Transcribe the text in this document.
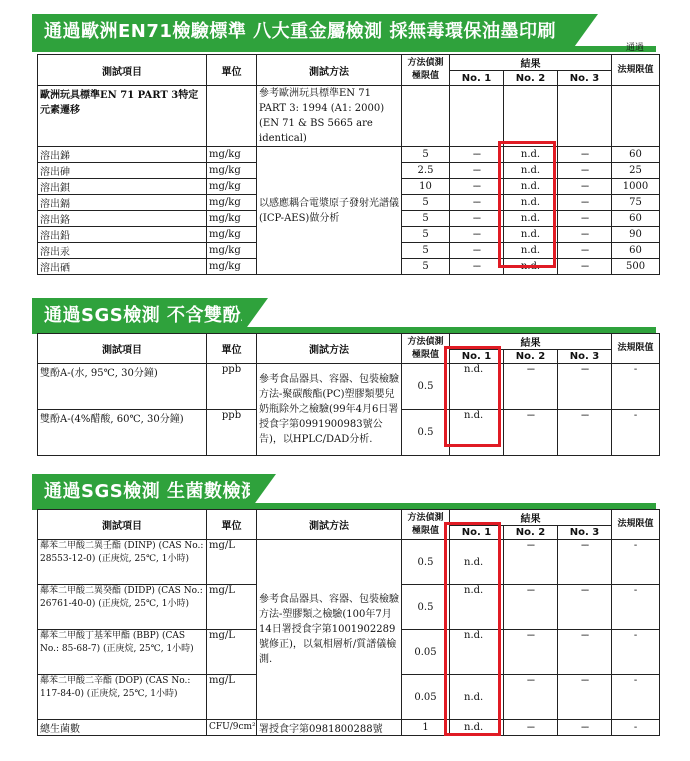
通過歐洲EN71檢驗標準 八大重金屬檢測 採無毒環保油墨印刷
通過
測試項目	單位	測試方法	方法偵測極限值	結果			法規限值
				No. 1	No. 2	No. 3	
歐洲玩具標準EN 71 PART 3特定元素遷移		參考歐洲玩具標準EN 71 PART 3: 1994 (A1: 2000) (EN 71 & BS 5665 are identical)					
溶出銻	mg/kg	以感應耦合電漿原子發射光譜儀(ICP-AES)做分析	5	---	n.d.	---	60
溶出砷	mg/kg		2.5	---	n.d.	---	25
溶出鋇	mg/kg		10	---	n.d.	---	1000
溶出鎘	mg/kg		5	---	n.d.	---	75
溶出鉻	mg/kg		5	---	n.d.	---	60
溶出鉛	mg/kg		5	---	n.d.	---	90
溶出汞	mg/kg		5	---	n.d.	---	60
溶出硒	mg/kg		5	---	n.d.	---	500
通過SGS檢測 不含雙酚A
測試項目	單位	測試方法	方法偵測極限值	結果			法規限值
				No. 1	No. 2	No. 3	
雙酚A-(水, 95℃, 30分鐘)	ppb	參考食品器具、容器、包裝檢驗方法-聚碳酸酯(PC)塑膠類嬰兒奶瓶除外之檢驗(99年4月6日署授食字第0991900983號公告)，以HPLC/DAD分析.	0.5	n.d.	---	---	-
雙酚A-(4%醋酸, 60℃, 30分鐘)	ppb		0.5	n.d.	---	---	-
通過SGS檢測 生菌數檢測
測試項目	單位	測試方法	方法偵測極限值	結果			法規限值
				No. 1	No. 2	No. 3	
鄰苯二甲酸二異壬酯 (DINP) (CAS No.: 28553-12-0) (正庚烷, 25℃, 1小時)	mg/L	參考食品器具、容器、包裝檢驗方法-塑膠類之檢驗(100年7月14日署授食字第1001902289 號修正)，以氣相層析/質譜儀檢測.	0.5	n.d.	---	---	-
鄰苯二甲酸二異癸酯 (DIDP) (CAS No.: 26761-40-0) (正庚烷, 25℃, 1小時)	mg/L		0.5	n.d.	---	---	-
鄰苯二甲酸丁基苯甲酯 (BBP) (CAS No.: 85-68-7) (正庚烷, 25℃, 1小時)	mg/L		0.05	n.d.	---	---	-
鄰苯二甲酸二辛酯 (DOP) (CAS No.: 117-84-0) (正庚烷, 25℃, 1小時)	mg/L		0.05	n.d.	---	---	-
總生菌數	CFU/9cm²	署授食字第0981800288號	1	n.d.	---	---	-
